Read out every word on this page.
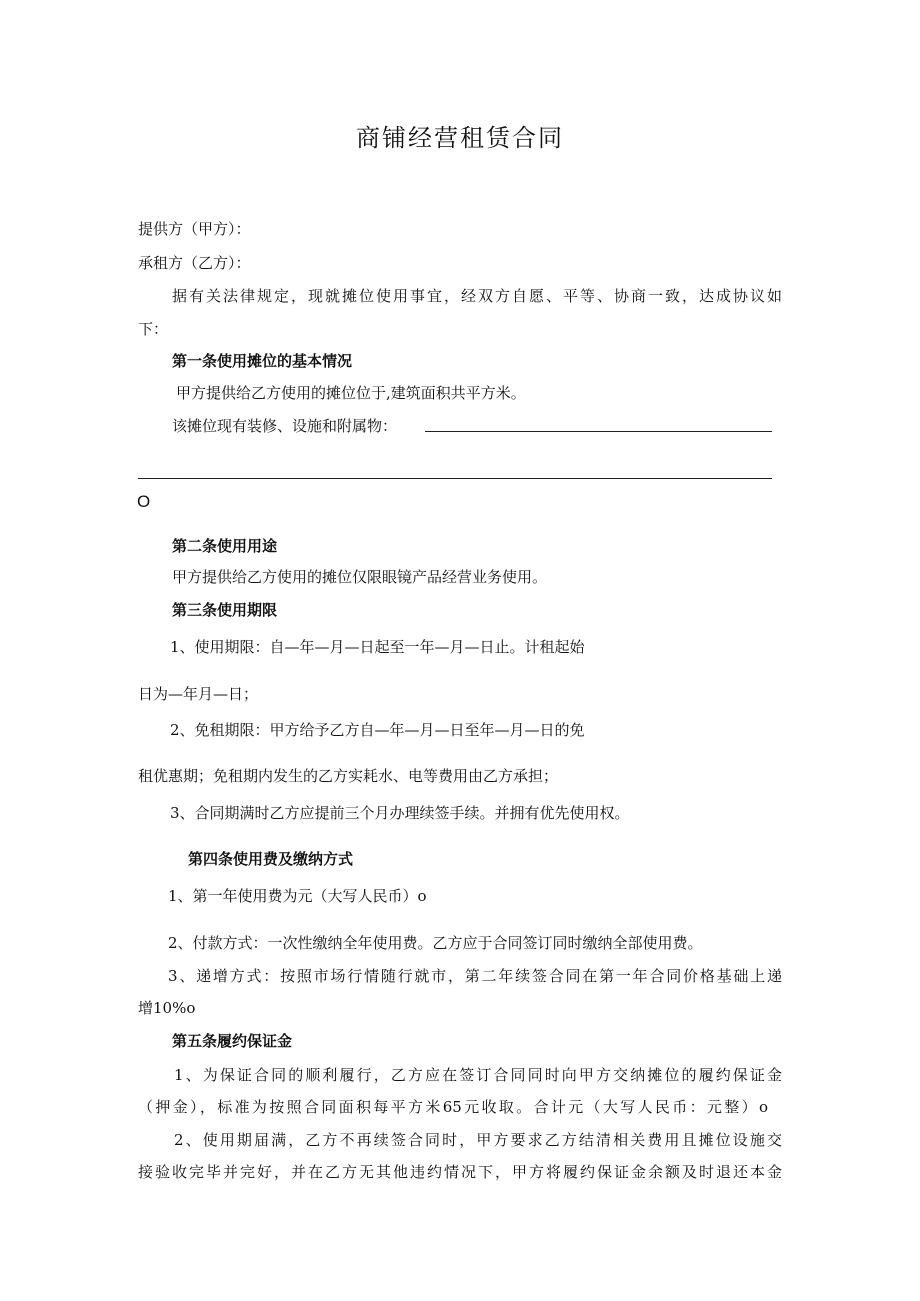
商铺经营租赁合同
提供方（甲方）：
承租方（乙方）：
据有关法律规定，现就摊位使用事宜，经双方自愿、平等、协商一致，达成协议如
下：
第一条使用摊位的基本情况
甲方提供给乙方使用的摊位位于,建筑面积共平方米。
该摊位现有装修、设施和附属物：
O
第二条使用用途
甲方提供给乙方使用的摊位仅限眼镜产品经营业务使用。
第三条使用期限
1、使用期限：自—年—月—日起至一年—月—日止。计租起始
日为—年月—日；
2、免租期限：甲方给予乙方自—年—月—日至年—月—日的免
租优惠期；免租期内发生的乙方实耗水、电等费用由乙方承担；
3、合同期满时乙方应提前三个月办理续签手续。并拥有优先使用权。
第四条使用费及缴纳方式
1、第一年使用费为元（大写人民币）o
2、付款方式：一次性缴纳全年使用费。乙方应于合同签订同时缴纳全部使用费。
3、递增方式：按照市场行情随行就市，第二年续签合同在第一年合同价格基础上递
增10%o
第五条履约保证金
1、为保证合同的顺利履行，乙方应在签订合同同时向甲方交纳摊位的履约保证金
（押金），标准为按照合同面积每平方米65元收取。合计元（大写人民币：元整）o
2、使用期届满，乙方不再续签合同时，甲方要求乙方结清相关费用且摊位设施交
接验收完毕并完好，并在乙方无其他违约情况下，甲方将履约保证金余额及时退还本金
